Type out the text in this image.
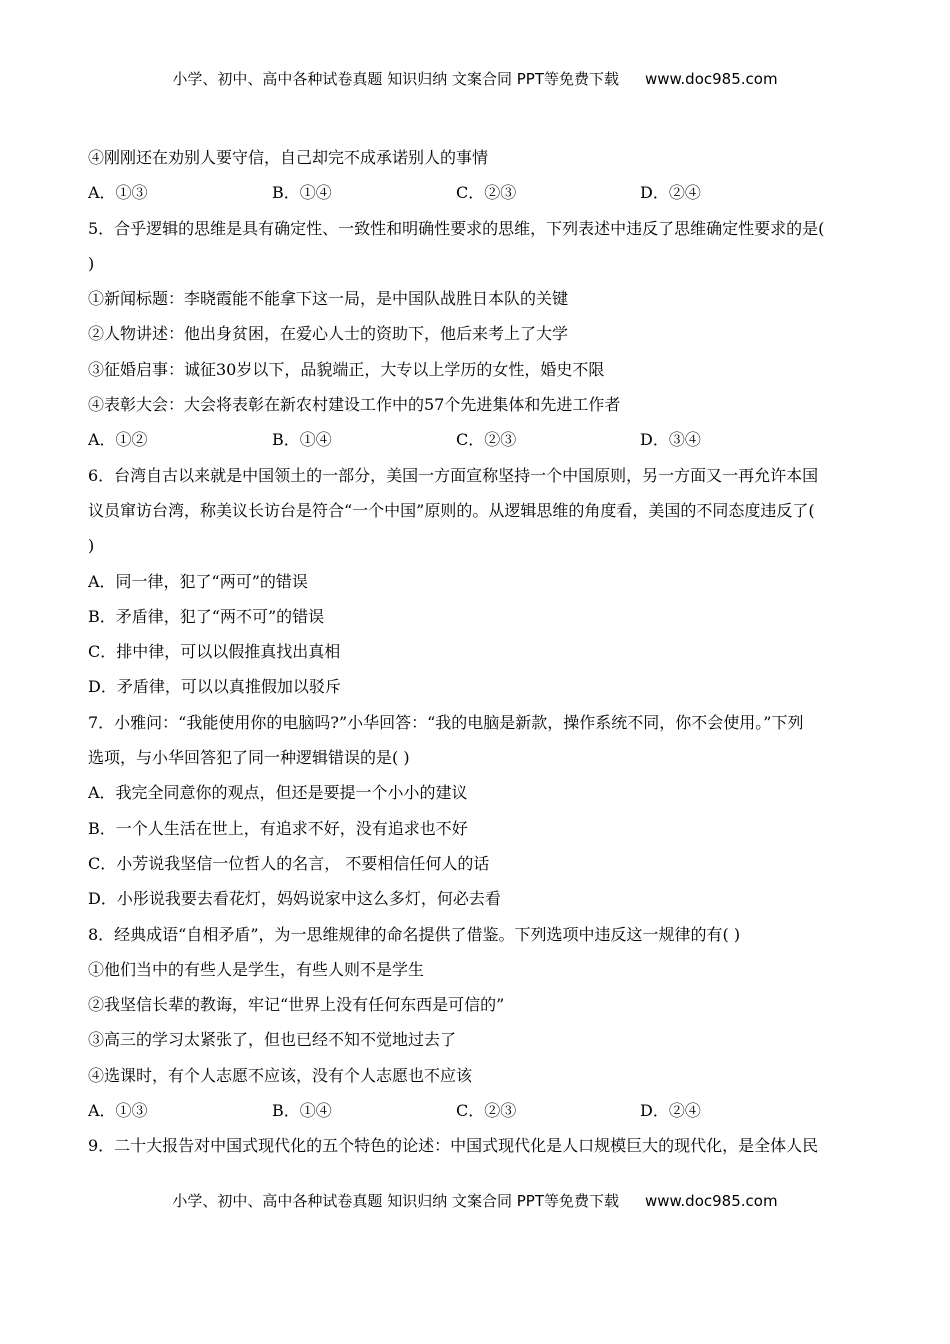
小学、初中、高中各种试卷真题 知识归纳 文案合同 PPT等免费下载 www.doc985.com
④刚刚还在劝别人要守信，自己却完不成承诺别人的事情
A．①③	B．①④	C．②③	D．②④
5．合乎逻辑的思维是具有确定性、一致性和明确性要求的思维，下列表述中违反了思维确定性要求的是(
)
①新闻标题：李晓霞能不能拿下这一局，是中国队战胜日本队的关键
②人物讲述：他出身贫困，在爱心人士的资助下，他后来考上了大学
③征婚启事：诚征30岁以下，品貌端正，大专以上学历的女性，婚史不限
④表彰大会：大会将表彰在新农村建设工作中的57个先进集体和先进工作者
A．①②	B．①④	C．②③	D．③④
6．台湾自古以来就是中国领土的一部分，美国一方面宣称坚持一个中国原则，另一方面又一再允许本国
议员窜访台湾，称美议长访台是符合“一个中国”原则的。从逻辑思维的角度看，美国的不同态度违反了(
)
A．同一律，犯了“两可”的错误
B．矛盾律，犯了“两不可”的错误
C．排中律，可以以假推真找出真相
D．矛盾律，可以以真推假加以驳斥
7．小雅问：“我能使用你的电脑吗?”小华回答：“我的电脑是新款，操作系统不同，你不会使用。”下列
选项，与小华回答犯了同一种逻辑错误的是( )
A．我完全同意你的观点，但还是要提一个小小的建议
B．一个人生活在世上，有追求不好，没有追求也不好
C．小芳说我坚信一位哲人的名言， 不要相信任何人的话
D．小彤说我要去看花灯，妈妈说家中这么多灯，何必去看
8．经典成语“自相矛盾”，为一思维规律的命名提供了借鉴。下列选项中违反这一规律的有( )
①他们当中的有些人是学生，有些人则不是学生
②我坚信长辈的教诲，牢记“世界上没有任何东西是可信的”
③高三的学习太紧张了，但也已经不知不觉地过去了
④选课时，有个人志愿不应该，没有个人志愿也不应该
A．①③	B．①④	C．②③	D．②④
9．二十大报告对中国式现代化的五个特色的论述：中国式现代化是人口规模巨大的现代化，是全体人民
小学、初中、高中各种试卷真题 知识归纳 文案合同 PPT等免费下载 www.doc985.com
